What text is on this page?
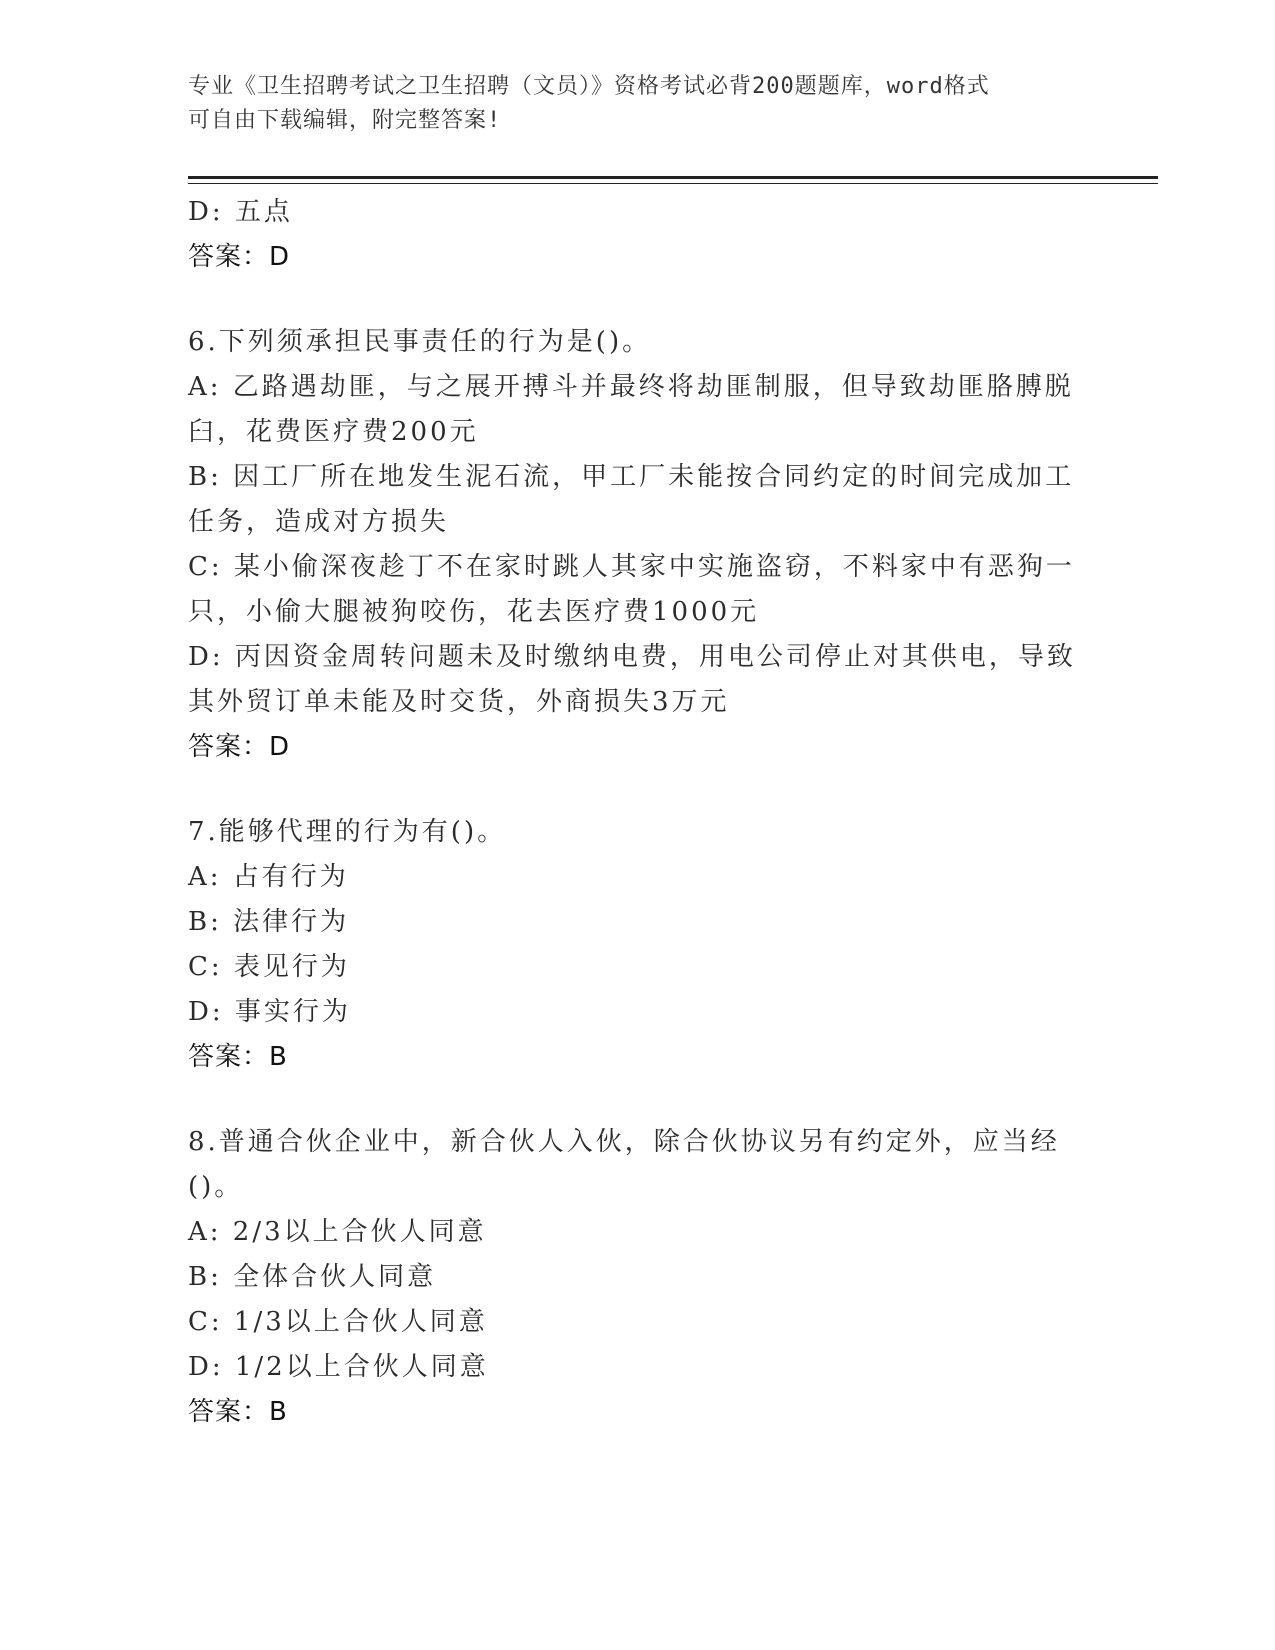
专业《卫生招聘考试之卫生招聘（文员）》资格考试必背200题题库，word格式
可自由下载编辑，附完整答案!
D: 五点
答案：D
6.下列须承担民事责任的行为是()。
A: 乙路遇劫匪，与之展开搏斗并最终将劫匪制服，但导致劫匪胳膊脱
臼，花费医疗费200元
B: 因工厂所在地发生泥石流，甲工厂未能按合同约定的时间完成加工
任务，造成对方损失
C: 某小偷深夜趁丁不在家时跳人其家中实施盗窃，不料家中有恶狗一
只，小偷大腿被狗咬伤，花去医疗费1000元
D: 丙因资金周转问题未及时缴纳电费，用电公司停止对其供电，导致
其外贸订单未能及时交货，外商损失3万元
答案：D
7.能够代理的行为有()。
A: 占有行为
B: 法律行为
C: 表见行为
D: 事实行为
答案：B
8.普通合伙企业中，新合伙人入伙，除合伙协议另有约定外，应当经
()。
A: 2/3以上合伙人同意
B: 全体合伙人同意
C: 1/3以上合伙人同意
D: 1/2以上合伙人同意
答案：B
